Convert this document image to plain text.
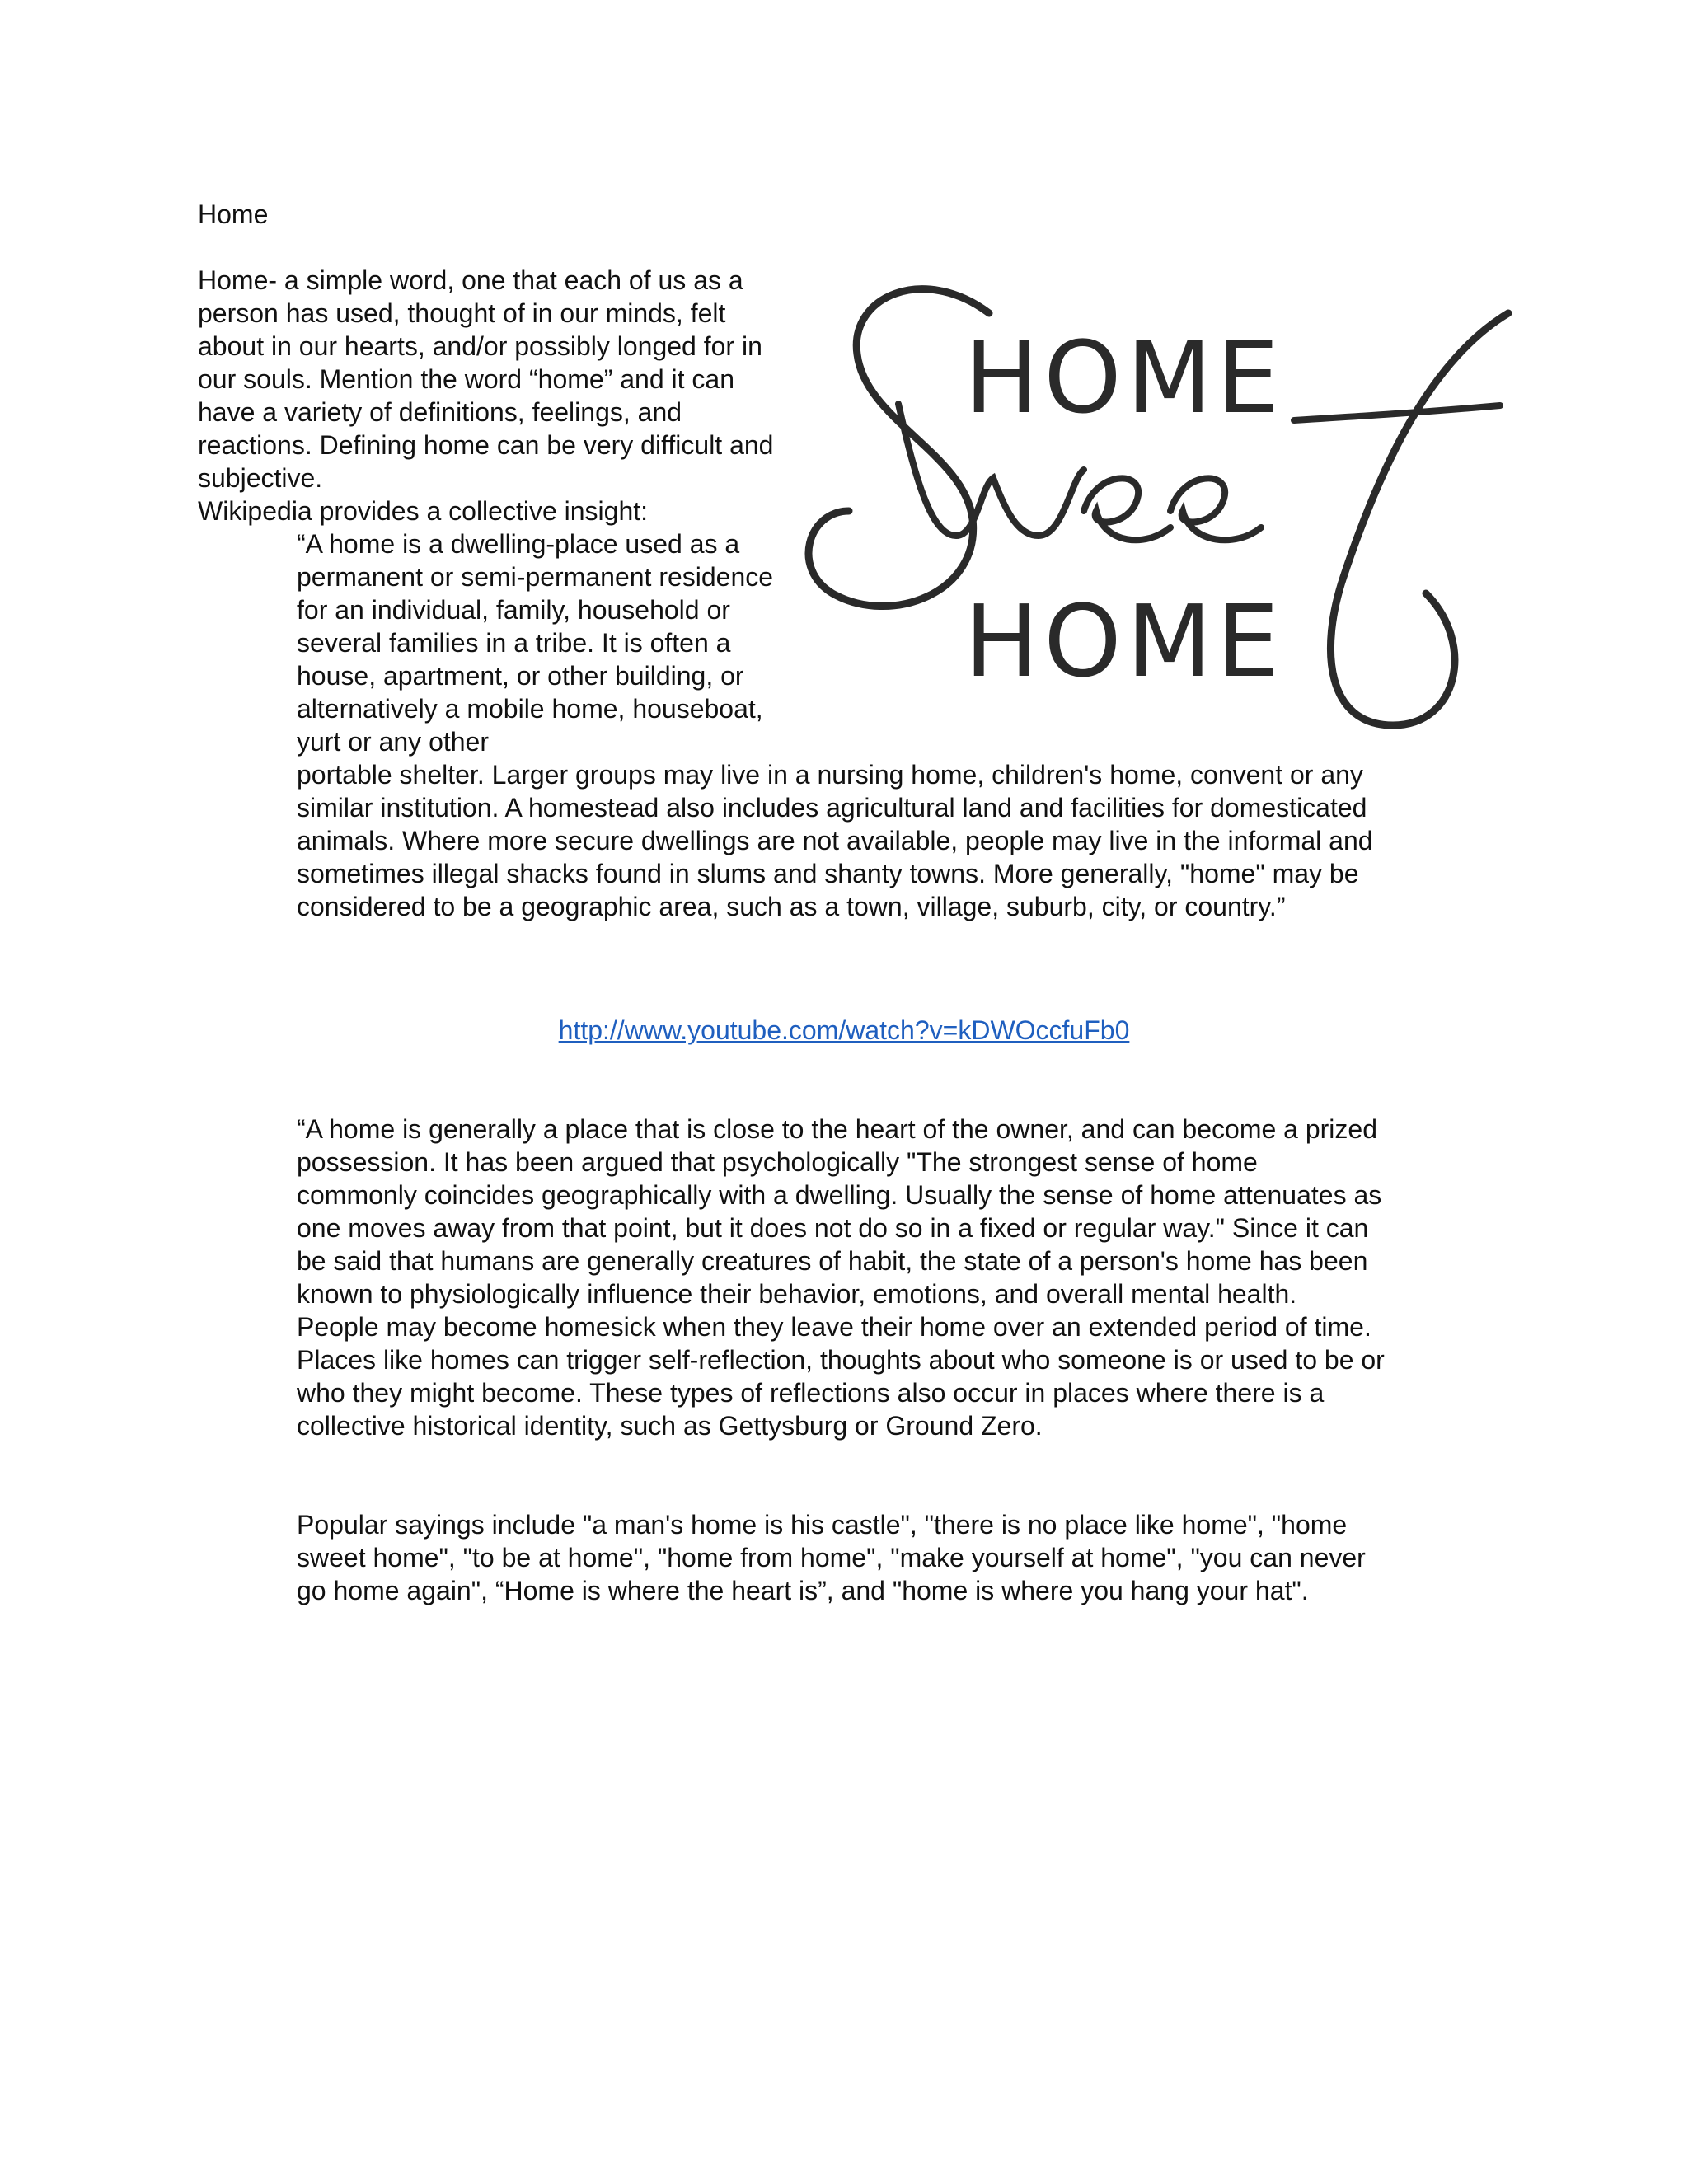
Home

Home- a simple word, one that each of us as a person has used, thought of in our minds, felt about in our hearts, and/or possibly longed for in our souls. Mention the word “home” and it can have a variety of definitions, feelings, and reactions. Defining home can be very difficult and subjective.

Wikipedia provides a collective insight:

“A home is a dwelling-place used as a permanent or semi-permanent residence for an individual, family, household or several families in a tribe. It is often a house, apartment, or other building, or alternatively a mobile home, houseboat, yurt or any other

portable shelter. Larger groups may live in a nursing home, children's home, convent or any similar institution. A homestead also includes agricultural land and facilities for domesticated animals. Where more secure dwellings are not available, people may live in the informal and sometimes illegal shacks found in slums and shanty towns. More generally, "home" may be considered to be a geographic area, such as a town, village, suburb, city, or country.”

http://www.youtube.com/watch?v=kDWOccfuFb0

“A home is generally a place that is close to the heart of the owner, and can become a prized possession. It has been argued that psychologically "The strongest sense of home commonly coincides geographically with a dwelling. Usually the sense of home attenuates as one moves away from that point, but it does not do so in a fixed or regular way." Since it can be said that humans are generally creatures of habit, the state of a person's home has been known to physiologically influence their behavior, emotions, and overall mental health. People may become homesick when they leave their home over an extended period of time. Places like homes can trigger self-reflection, thoughts about who someone is or used to be or who they might become. These types of reflections also occur in places where there is a collective historical identity, such as Gettysburg or Ground Zero.

Popular sayings include "a man's home is his castle", "there is no place like home", "home sweet home", "to be at home", "home from home", "make yourself at home", "you can never go home again", “Home is where the heart is”, and "home is where you hang your hat".

HOME
HOME
